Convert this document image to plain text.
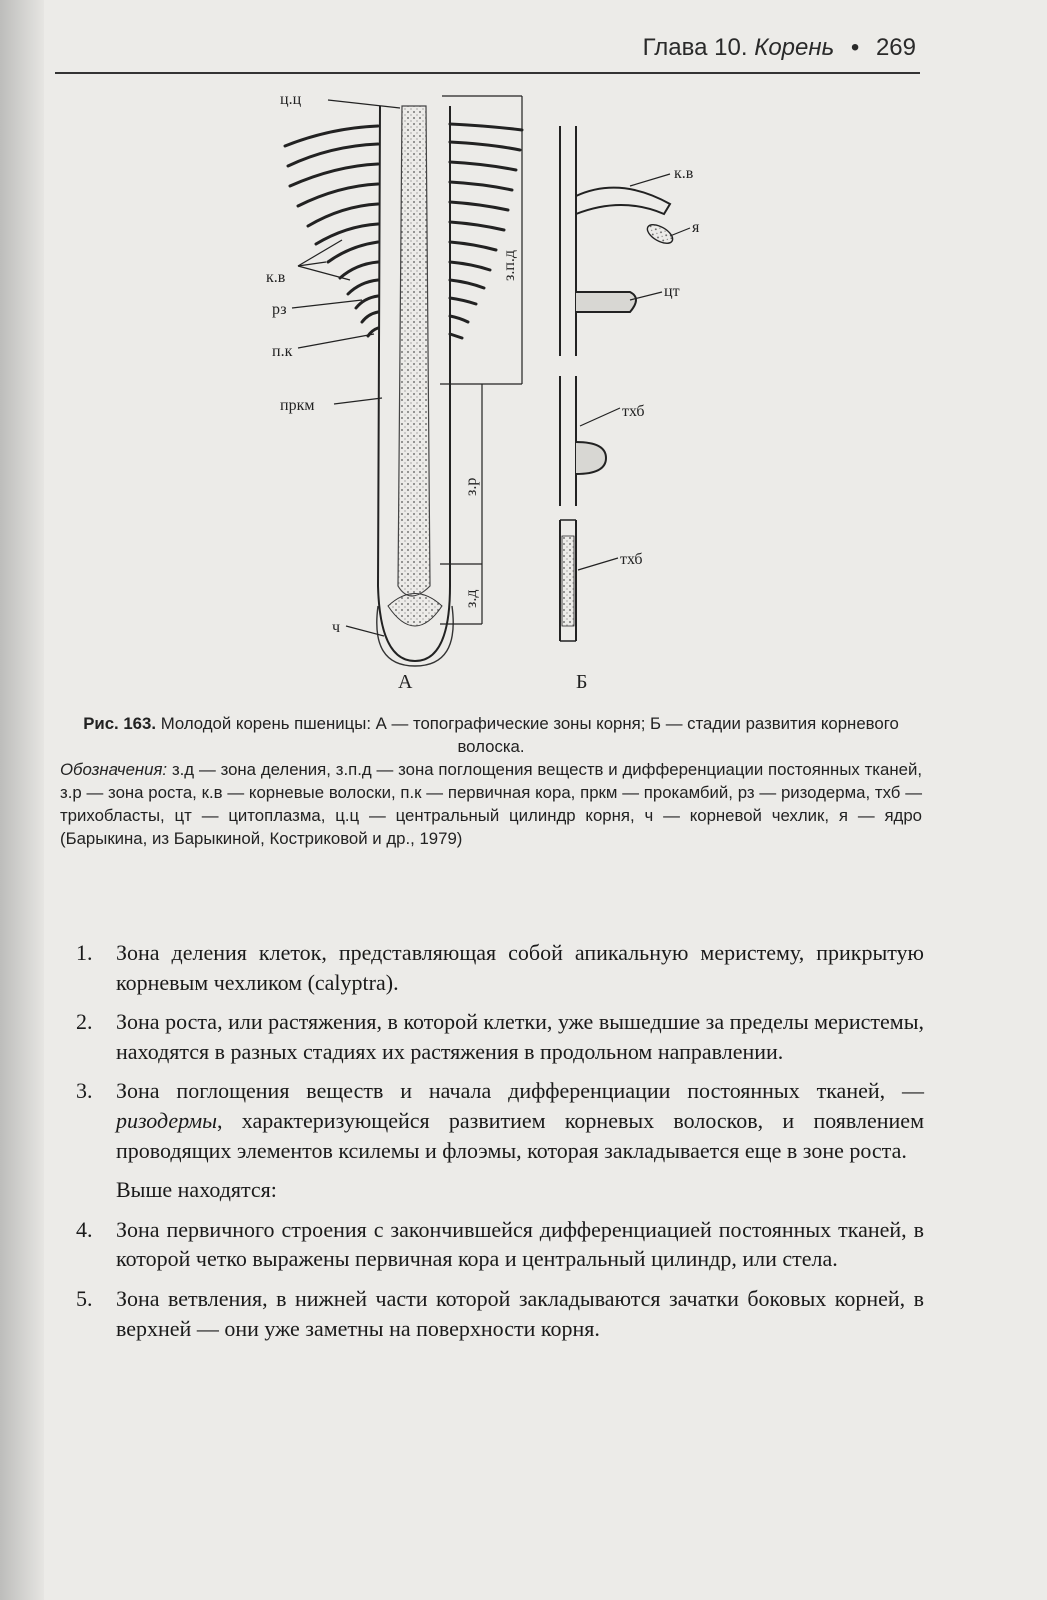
Глава 10. Корень • 269
ц.ц
к.в
рз
п.к
пркм
ч
з.п.д
з.р
з.д
к.в
я
цт
тхб
тхб
А	Б

Рис. 163. Молодой корень пшеницы: А — топографические зоны корня; Б — стадии развития корневого волоска.

Обозначения: з.д — зона деления, з.п.д — зона поглощения веществ и дифференциации постоянных тканей, з.р — зона роста, к.в — корневые волоски, п.к — первичная кора, пркм — прокамбий, рз — ризодерма, тхб — трихобласты, цт — цитоплазма, ц.ц — центральный цилиндр корня, ч — корневой чехлик, я — ядро (Барыкина, из Барыкиной, Костриковой и др., 1979)

1. Зона деления клеток, представляющая собой апикальную меристему, прикрытую корневым чехликом (calyptra).

2. Зона роста, или растяжения, в которой клетки, уже вышедшие за пределы меристемы, находятся в разных стадиях их растяжения в продольном направлении.

3. Зона поглощения веществ и начала дифференциации постоянных тканей, — ризодермы, характеризующейся развитием корневых волосков, и появлением проводящих элементов ксилемы и флоэмы, которая закладывается еще в зоне роста.

Выше находятся:

4. Зона первичного строения с закончившейся дифференциацией постоянных тканей, в которой четко выражены первичная кора и центральный цилиндр, или стела.

5. Зона ветвления, в нижней части которой закладываются зачатки боковых корней, в верхней — они уже заметны на поверхности корня.
